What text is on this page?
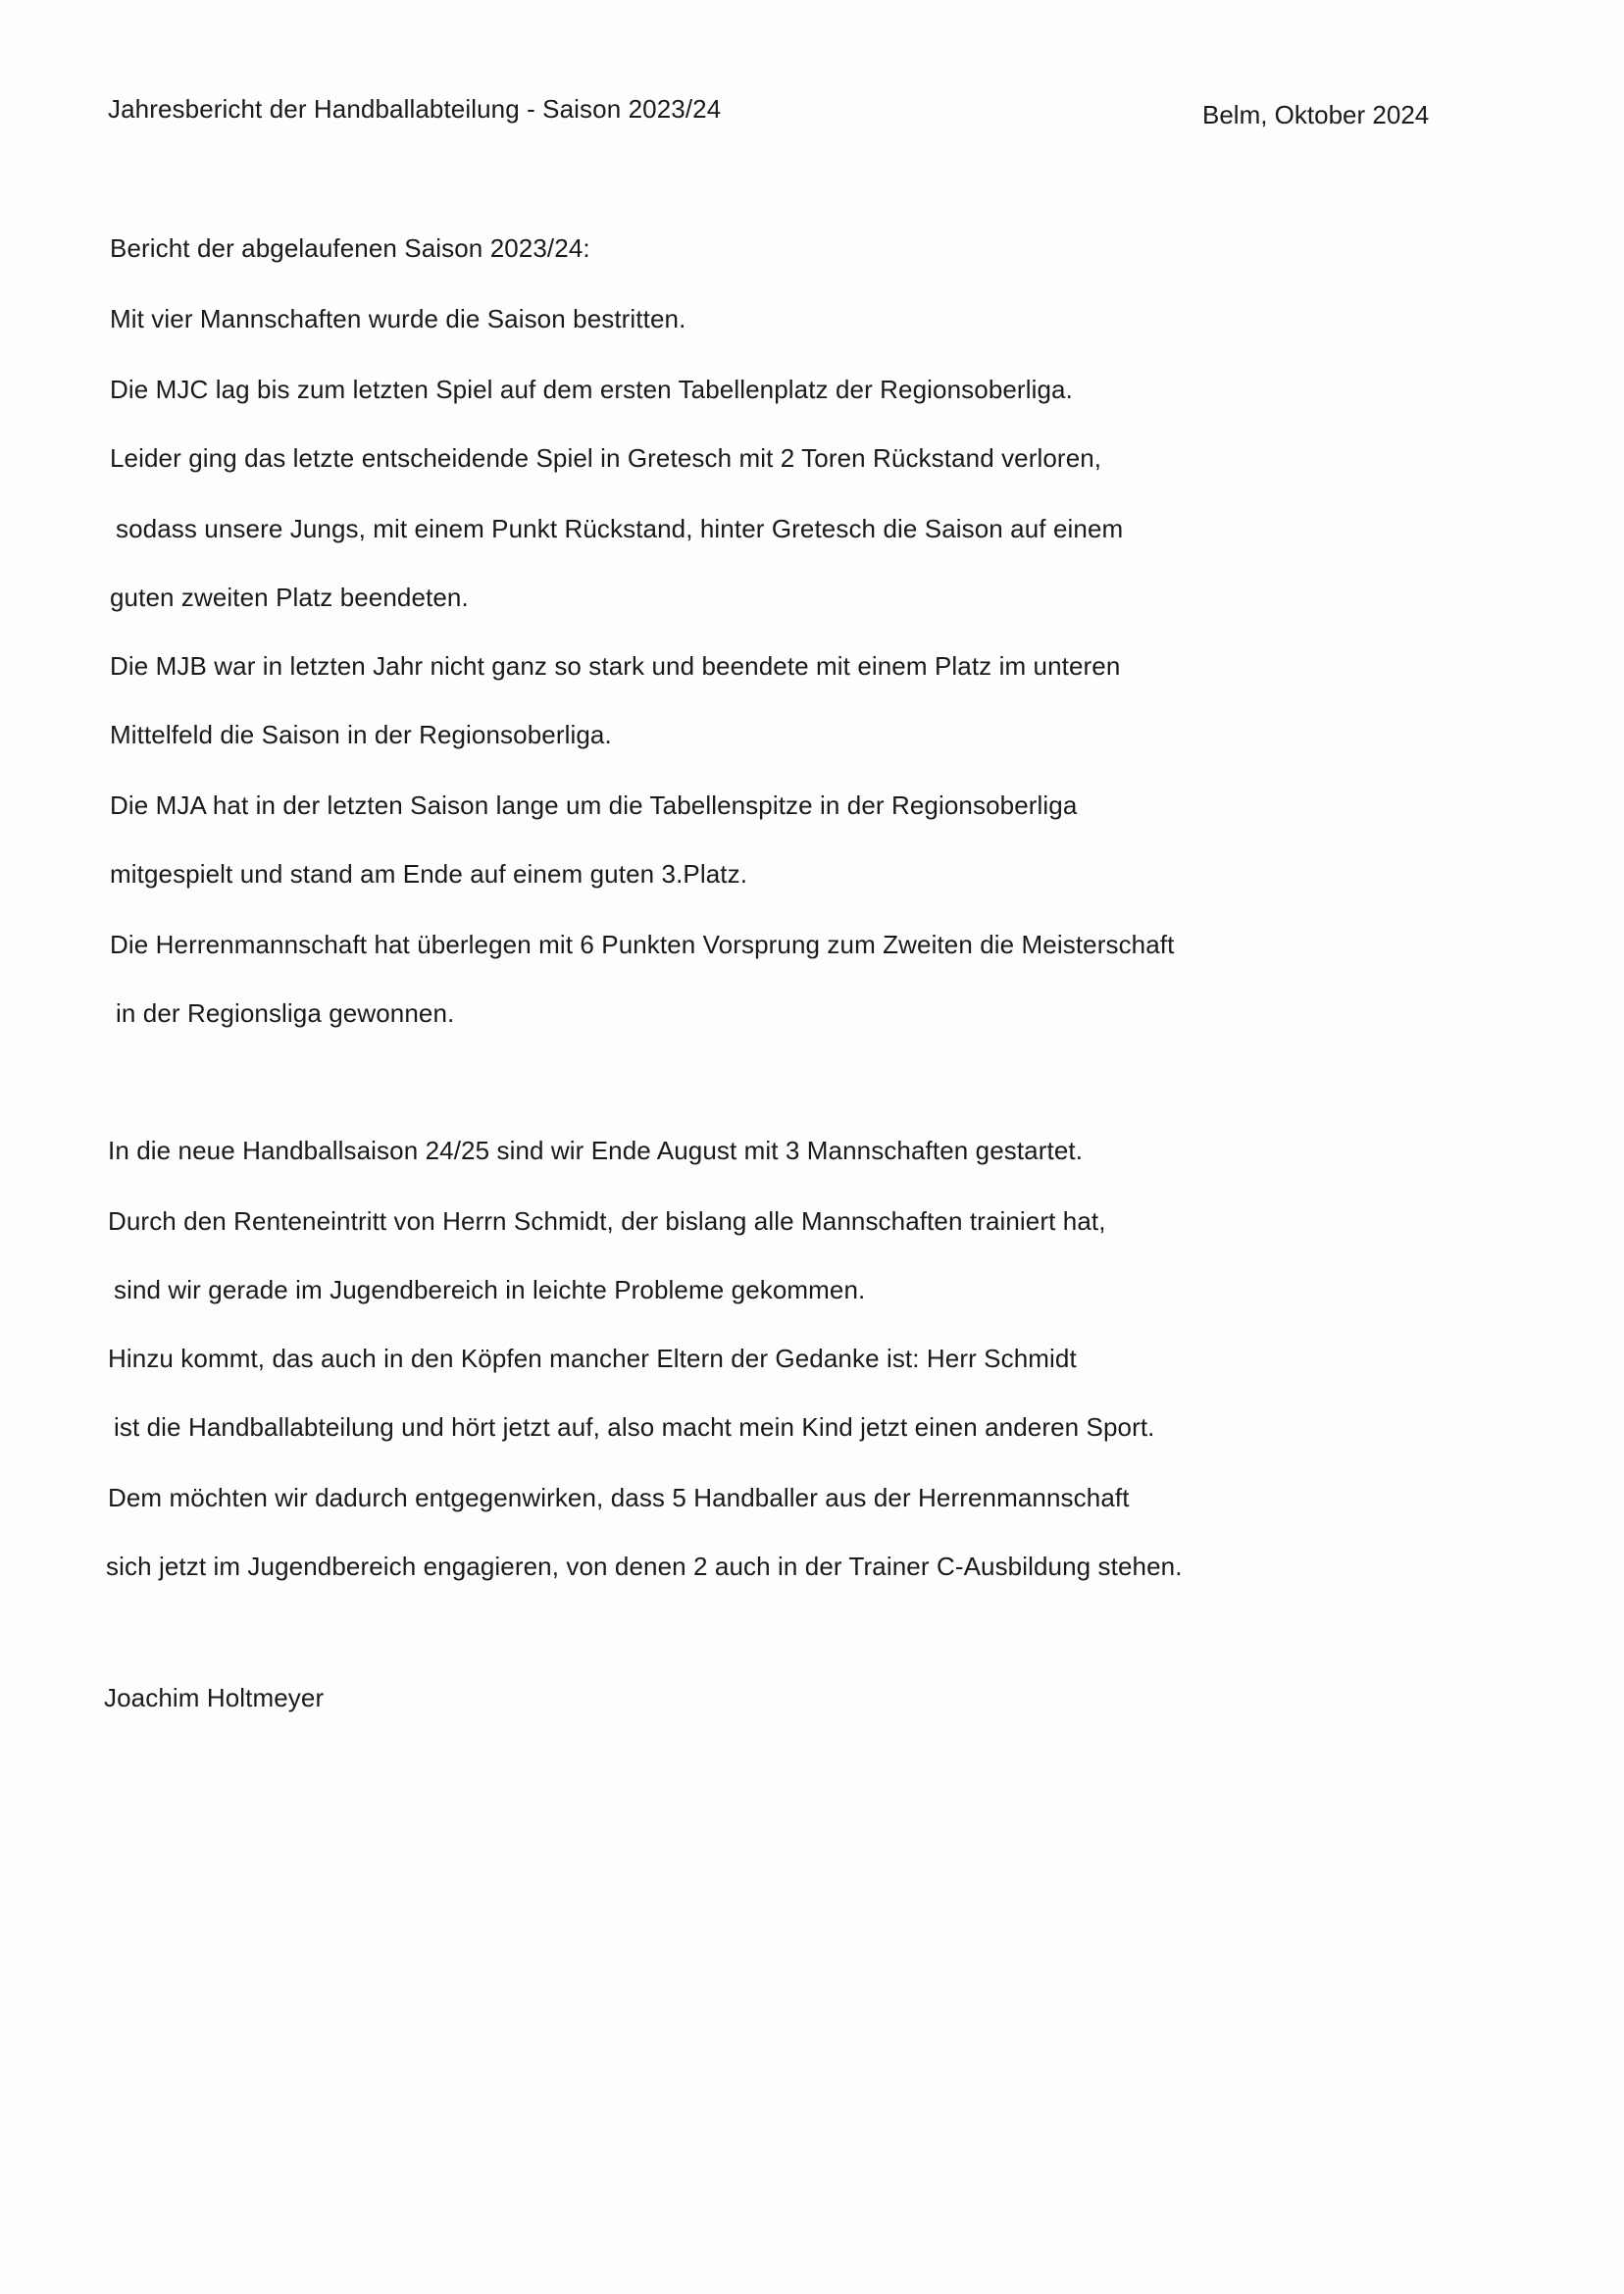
Jahresbericht der Handballabteilung - Saison 2023/24	Belm, Oktober 2024
Bericht der abgelaufenen Saison 2023/24:
Mit vier Mannschaften wurde die Saison bestritten.
Die MJC lag bis zum letzten Spiel auf dem ersten Tabellenplatz der Regionsoberliga.
Leider ging das letzte entscheidende Spiel in Gretesch mit 2 Toren Rückstand verloren,
sodass unsere Jungs, mit einem Punkt Rückstand, hinter Gretesch die Saison auf einem
guten zweiten Platz beendeten.
Die MJB war in letzten Jahr nicht ganz so stark und beendete mit einem Platz im unteren
Mittelfeld die Saison in der Regionsoberliga.
Die MJA hat in der letzten Saison lange um die Tabellenspitze in der Regionsoberliga
mitgespielt und stand am Ende auf einem guten 3.Platz.
Die Herrenmannschaft hat überlegen mit 6 Punkten Vorsprung zum Zweiten die Meisterschaft
in der Regionsliga gewonnen.
In die neue Handballsaison 24/25 sind wir Ende August mit 3 Mannschaften gestartet.
Durch den Renteneintritt von Herrn Schmidt, der bislang alle Mannschaften trainiert hat,
sind wir gerade im Jugendbereich in leichte Probleme gekommen.
Hinzu kommt, das auch in den Köpfen mancher Eltern der Gedanke ist: Herr Schmidt
ist die Handballabteilung und hört jetzt auf, also macht mein Kind jetzt einen anderen Sport.
Dem möchten wir dadurch entgegenwirken, dass 5 Handballer aus der Herrenmannschaft
sich jetzt im Jugendbereich engagieren, von denen 2 auch in der Trainer C-Ausbildung stehen.
Joachim Holtmeyer
